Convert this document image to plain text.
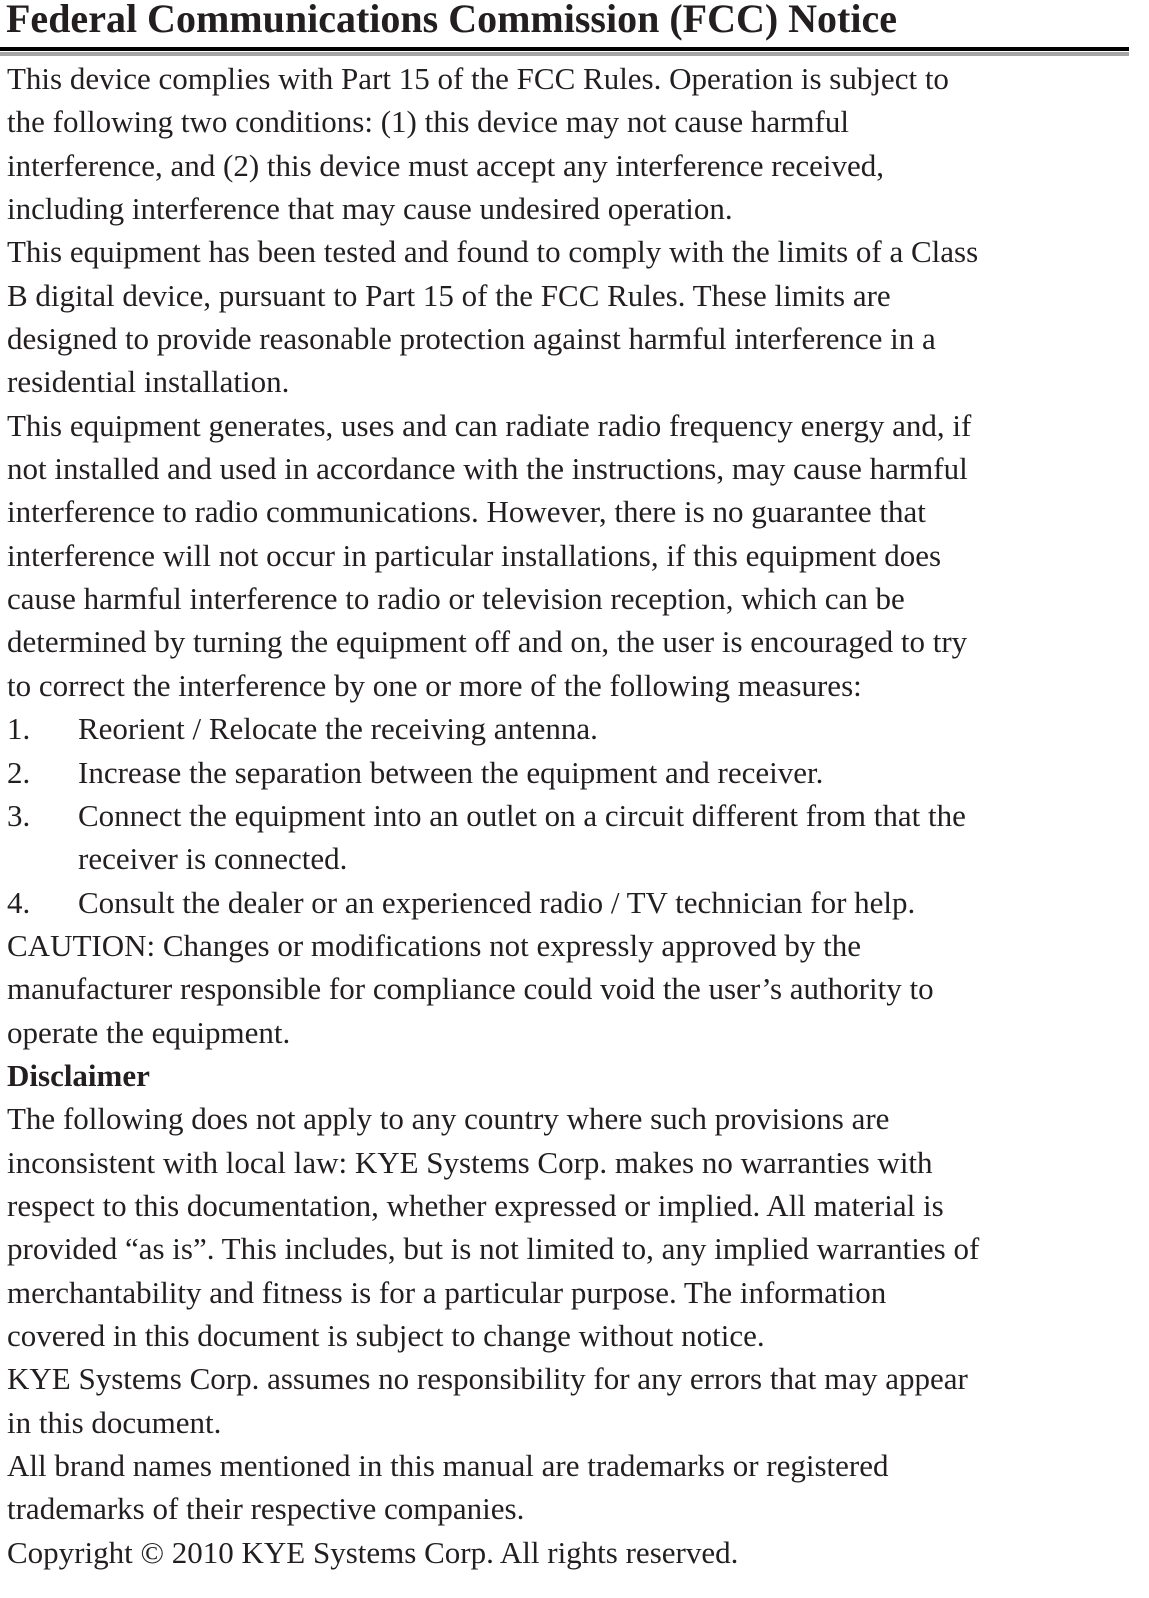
Federal Communications Commission (FCC) Notice
This device complies with Part 15 of the FCC Rules. Operation is subject to
the following two conditions: (1) this device may not cause harmful
interference, and (2) this device must accept any interference received,
including interference that may cause undesired operation.
This equipment has been tested and found to comply with the limits of a Class
B digital device, pursuant to Part 15 of the FCC Rules. These limits are
designed to provide reasonable protection against harmful interference in a
residential installation.
This equipment generates, uses and can radiate radio frequency energy and, if
not installed and used in accordance with the instructions, may cause harmful
interference to radio communications. However, there is no guarantee that
interference will not occur in particular installations, if this equipment does
cause harmful interference to radio or television reception, which can be
determined by turning the equipment off and on, the user is encouraged to try
to correct the interference by one or more of the following measures:
1.	Reorient / Relocate the receiving antenna.
2.	Increase the separation between the equipment and receiver.
3.	Connect the equipment into an outlet on a circuit different from that the
receiver is connected.
4.	Consult the dealer or an experienced radio / TV technician for help.
CAUTION: Changes or modifications not expressly approved by the
manufacturer responsible for compliance could void the user’s authority to
operate the equipment.
Disclaimer
The following does not apply to any country where such provisions are
inconsistent with local law: KYE Systems Corp. makes no warranties with
respect to this documentation, whether expressed or implied. All material is
provided “as is”. This includes, but is not limited to, any implied warranties of
merchantability and fitness is for a particular purpose. The information
covered in this document is subject to change without notice.
KYE Systems Corp. assumes no responsibility for any errors that may appear
in this document.
All brand names mentioned in this manual are trademarks or registered
trademarks of their respective companies.
Copyright © 2010 KYE Systems Corp. All rights reserved.
